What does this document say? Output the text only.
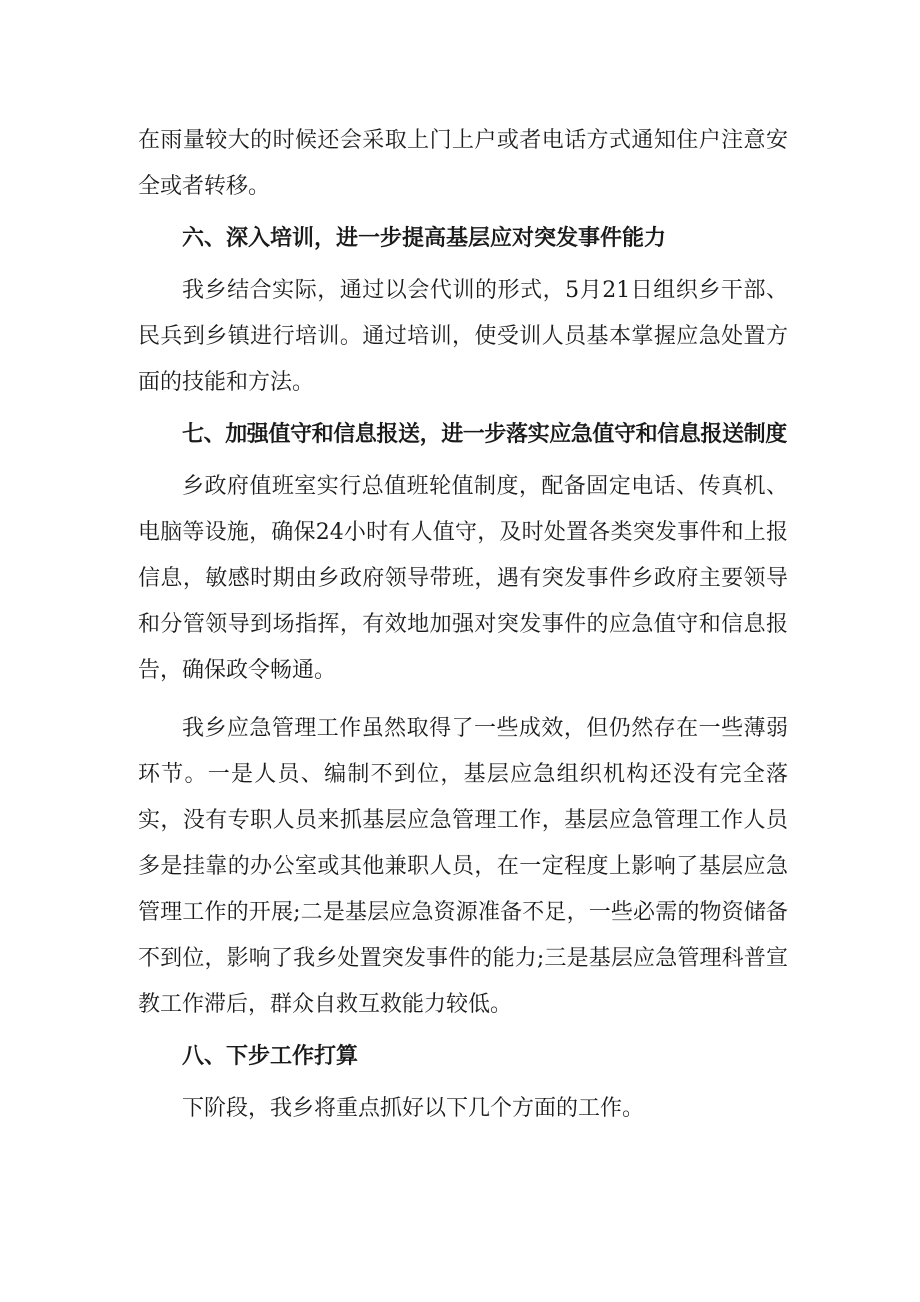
在雨量较大的时候还会采取上门上户或者电话方式通知住户注意安全或者转移。

六、深入培训，进一步提高基层应对突发事件能力

我乡结合实际，通过以会代训的形式，5月21日组织乡干部、民兵到乡镇进行培训。通过培训，使受训人员基本掌握应急处置方面的技能和方法。

七、加强值守和信息报送，进一步落实应急值守和信息报送制度

乡政府值班室实行总值班轮值制度，配备固定电话、传真机、电脑等设施，确保24小时有人值守，及时处置各类突发事件和上报信息，敏感时期由乡政府领导带班，遇有突发事件乡政府主要领导和分管领导到场指挥，有效地加强对突发事件的应急值守和信息报告，确保政令畅通。

我乡应急管理工作虽然取得了一些成效，但仍然存在一些薄弱环节。一是人员、编制不到位，基层应急组织机构还没有完全落实，没有专职人员来抓基层应急管理工作，基层应急管理工作人员多是挂靠的办公室或其他兼职人员，在一定程度上影响了基层应急管理工作的开展;二是基层应急资源准备不足，一些必需的物资储备不到位，影响了我乡处置突发事件的能力;三是基层应急管理科普宣教工作滞后，群众自救互救能力较低。

八、下步工作打算

下阶段，我乡将重点抓好以下几个方面的工作。
